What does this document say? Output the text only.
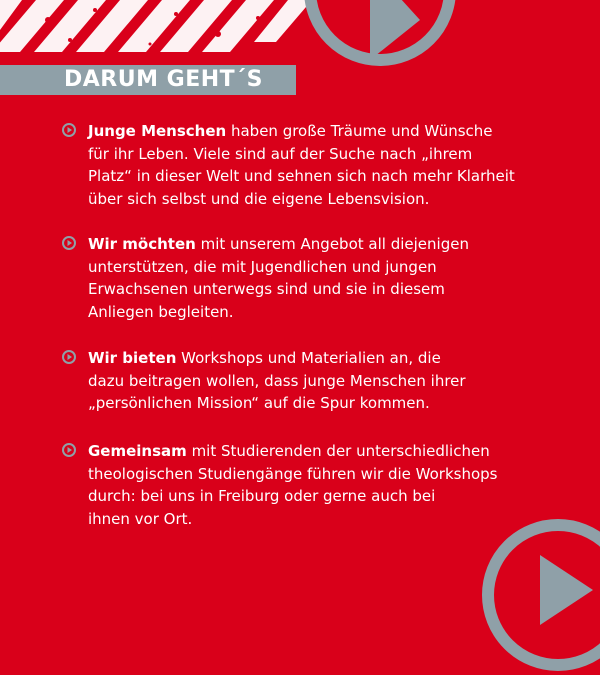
DARUM GEHT´S
Junge Menschen haben große Träume und Wünsche
für ihr Leben. Viele sind auf der Suche nach „ihrem
Platz“ in dieser Welt und sehnen sich nach mehr Klarheit
über sich selbst und die eigene Lebensvision.
Wir möchten mit unserem Angebot all diejenigen
unterstützen, die mit Jugendlichen und jungen
Erwachsenen unterwegs sind und sie in diesem
Anliegen begleiten.
Wir bieten Workshops und Materialien an, die
dazu beitragen wollen, dass junge Menschen ihrer
„persönlichen Mission“ auf die Spur kommen.
Gemeinsam mit Studierenden der unterschiedlichen
theologischen Studiengänge führen wir die Workshops
durch: bei uns in Freiburg oder gerne auch bei
ihnen vor Ort.
